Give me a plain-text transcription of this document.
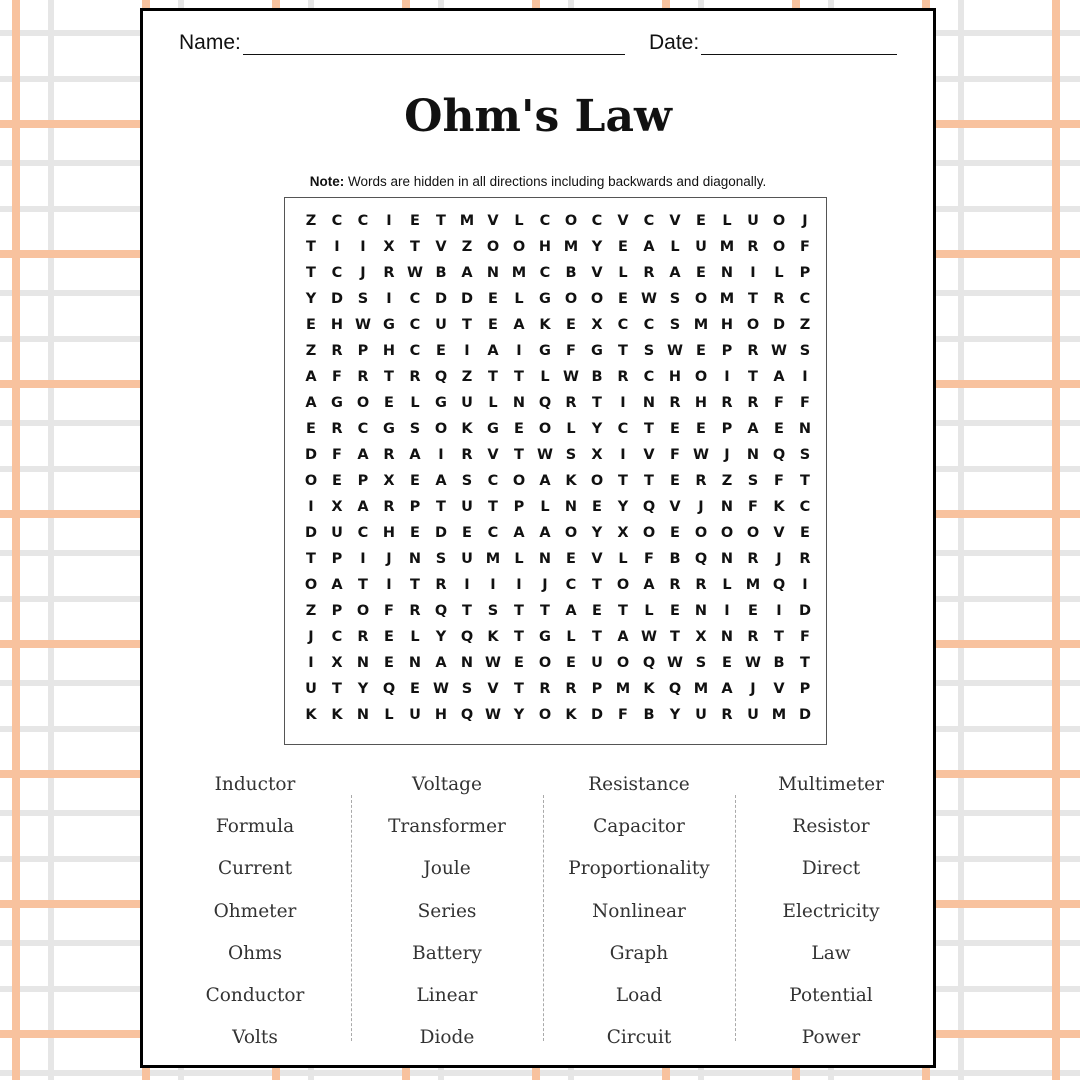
Name:	Date:
Ohm's Law
Note: Words are hidden in all directions including backwards and diagonally.
Z	C	C	I	E	T M V	L	C	O	C	V	C	V	E	L	U O	J
T	I	I	X	T	V	Z	O O H M Y	E	A	L	U M R O	F
T	C	J	R W B	A N M C	B	V	L	R	A	E	N	I	L	P
Y	D	S	I	C	D D	E	L	G O O	E W S	O M T	R	C
E	H W G	C	U	T	E	A	K	E	X	C	C	S M H O D	Z
Z	R	P	H	C	E	I	A	I	G	F	G	T	S W E	P	R W S
A	F	R	T	R Q	Z	T	T	L W B	R	C	H O	I	T	A	I
A G O	E	L	G U	L	N Q R	T	I	N R H R	R	F	F
E	R	C	G	S	O K G	E	O	L	Y	C	T	E	E	P	A	E	N
D	F	A	R	A	I	R	V	T W S	X	I	V	F W	J	N Q	S
O	E	P	X	E	A	S	C	O A	K O	T	T	E	R	Z	S	F	T
I	X	A	R	P	T	U	T	P	L	N	E	Y	Q V	J	N	F	K	C
D U	C	H	E	D	E	C	A	A O	Y	X O	E	O O O V	E
T	P	I	J	N	S	U M L	N	E	V	L	F	B Q N R	J	R
O A	T	I	T	R	I	I	I	J	C	T	O A	R	R	L M Q	I
Z	P	O	F	R Q	T	S	T	T	A	E	T	L	E	N	I	E	I	D
J	C	R	E	L	Y	Q K	T	G	L	T	A W T	X N R	T	F
I	X N	E	N A N W E	O	E	U O Q W S	E W B	T
U	T	Y	Q	E W S	V	T	R	R	P M K Q M A	J	V	P
K	K N	L	U H Q W Y	O K D	F	B	Y	U	R	U M D
Inductor
Formula
Current
Ohmeter
Ohms
Conductor
Volts
Voltage
Transformer
Joule
Series
Battery
Linear
Diode
Resistance
Capacitor
Proportionality
Nonlinear
Graph
Load
Circuit
Multimeter
Resistor
Direct
Electricity
Law
Potential
Power
